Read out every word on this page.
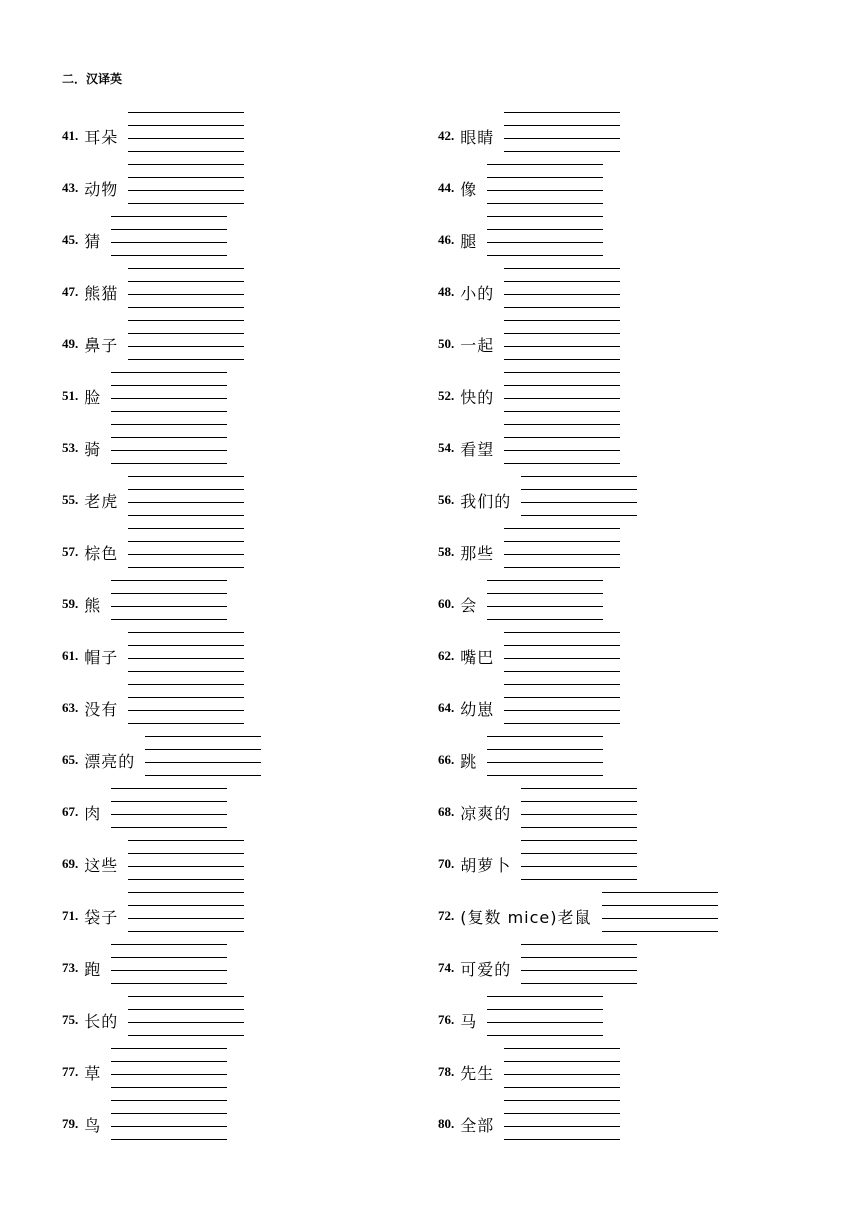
二．汉译英
41. 耳朵	42. 眼睛
43. 动物	44. 像
45. 猜	46. 腿
47. 熊猫	48. 小的
49. 鼻子	50. 一起
51. 脸	52. 快的
53. 骑	54. 看望
55. 老虎	56. 我们的
57. 棕色	58. 那些
59. 熊	60. 会
61. 帽子	62. 嘴巴
63. 没有	64. 幼崽
65. 漂亮的	66. 跳
67. 肉	68. 凉爽的
69. 这些	70. 胡萝卜
71. 袋子	72. (复数 mice)老鼠
73. 跑	74. 可爱的
75. 长的	76. 马
77. 草	78. 先生
79. 鸟	80. 全部
